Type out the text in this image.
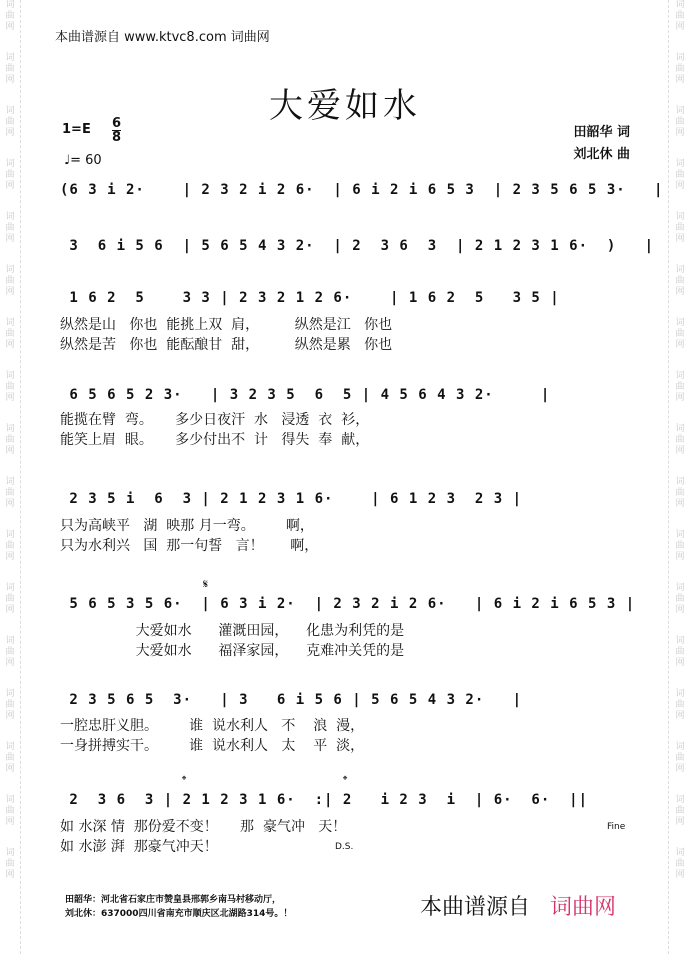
词
曲
网
词
曲
网
词
曲
网
词
曲
网
词
曲
网
词
曲
网
词
曲
网
词
曲
网
词
曲
网
词
曲
网
词
曲
网
词
曲
网
词
曲
网
词
曲
网
词
曲
网
词
曲
网
词
曲
网
词
曲
网
词
曲
网
词
曲
网
词
曲
网
词
曲
网
词
曲
网
词
曲
网
词
曲
网
词
曲
网
词
曲
网
词
曲
网
词
曲
网
词
曲
网
词
曲
网
词
曲
网
词
曲
网
词
曲
网
本曲谱源自 www.ktvc8.com 词曲网
大爱如水
1=E 6
8
♩= 60
田韶华 词
刘北休 曲
(6 3 i 2·    | 2 3 2 i 2 6·  | 6 i 2 i 6 5 3  | 2 3 5 6 5 3·   |
3  6 i 5 6  | 5 6 5 4 3 2·  | 2  3 6  3  | 2 1 2 3 1 6·  )   |
1 6 2  5    3 3 | 2 3 2 1 2 6·    | 1 6 2  5   3 5 |
纵然是山   你也  能挑上双  肩，        纵然是江   你也
纵然是苦   你也  能酝酿甘  甜，        纵然是累   你也
6 5 6 5 2 3·   | 3 2 3 5  6  5 | 4 5 6 4 3 2·     |
能揽在臂  弯。     多少日夜汗  水   浸透  衣  衫，
能笑上眉  眼。     多少付出不  计   得失  奉  献，
2 3 5 i  6  3 | 2 1 2 3 1 6·    | 6 1 2 3  2 3 |
只为高峡平   湖  映那 月一弯。       啊，
只为水利兴   国  那一句誓   言！      啊，
𝄋
5 6 5 3 5 6·  | 6 3 i 2·  | 2 3 2 i 2 6·   | 6 i 2 i 6 5 3 |
大爱如水      灌溉田园，    化患为利凭的是
大爱如水      福泽家园，    克难冲关凭的是
2 3 5 6 5  3·   | 3   6 i 5 6 | 5 6 5 4 3 2·   |
一腔忠肝义胆。       谁  说水利人   不    浪  漫，
一身拼搏实干。       谁  说水利人   太    平  淡，
𝄌	𝄌
2  3 6  3 | 2 1 2 3 1 6·  :| 2   i 2 3  i  | 6·  6·  ||
如 水深 情  那份爱不变！     那  豪气冲   天！
如 水澎 湃  那豪气冲天！	D.S.
Fine
田韶华：河北省石家庄市赞皇县邢郭乡南马村移动厅，
刘北休：637000四川省南充市顺庆区北湖路314号。！	本曲谱源自 词曲网
